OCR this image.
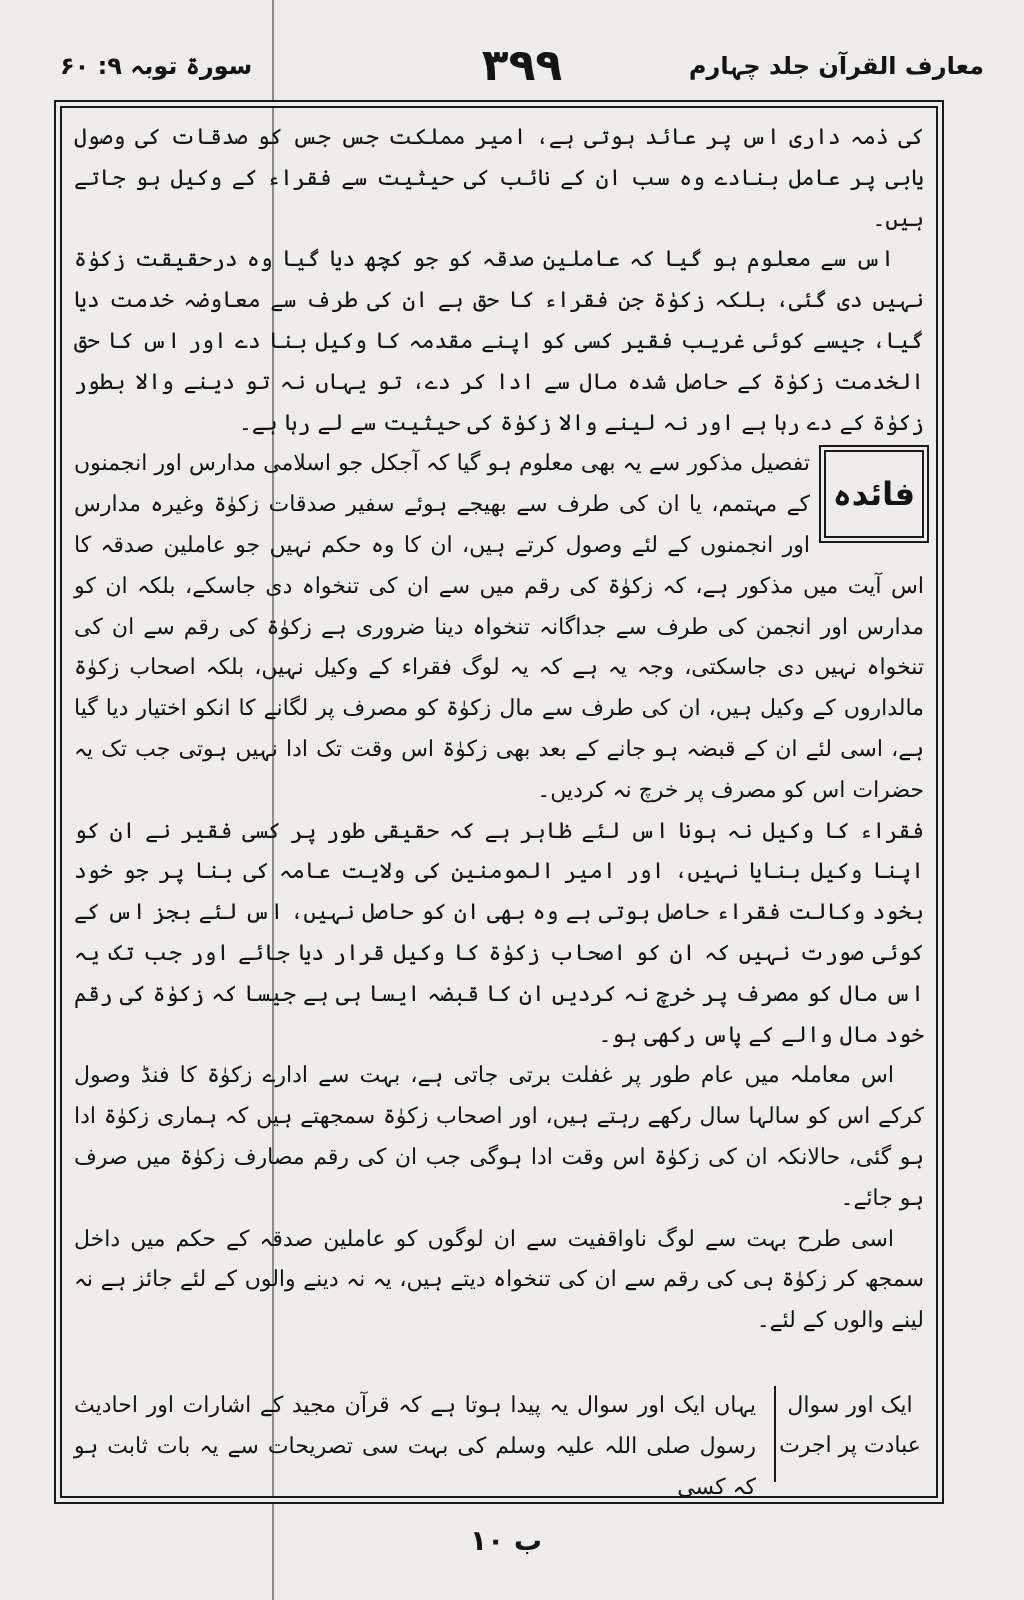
معارف القرآن جلد چہارم
۳۹۹
سورۃ توبہ ۹: ۶۰

کی ذمہ داری اس پر عائد ہوتی ہے، امیر مملکت جس جس کو صدقات کی وصول یابی پر عامل بنادے وہ سب ان کے نائب کی حیثیت سے فقراء کے وکیل ہو جاتے ہیں۔

اس سے معلوم ہو گیا کہ عاملین صدقہ کو جو کچھ دیا گیا وہ درحقیقت زکوٰۃ نہیں دی گئی، بلکہ زکوٰۃ جن فقراء کا حق ہے ان کی طرف سے معاوضہ خدمت دیا گیا، جیسے کوئی غریب فقیر کسی کو اپنے مقدمہ کا وکیل بنا دے اور اس کا حق الخدمت زکوٰۃ کے حاصل شدہ مال سے ادا کر دے، تو یہاں نہ تو دینے والا بطور زکوٰۃ کے دے رہا ہے اور نہ لینے والا زکوٰۃ کی حیثیت سے لے رہا ہے۔

فائدہ

تفصیل مذکور سے یہ بھی معلوم ہو گیا کہ آجکل جو اسلامی مدارس اور انجمنوں کے مہتمم، یا ان کی طرف سے بھیجے ہوئے سفیر صدقات زکوٰۃ وغیرہ مدارس اور انجمنوں کے لئے وصول کرتے ہیں، ان کا وہ حکم نہیں جو عاملین صدقہ کا اس آیت میں مذکور ہے، کہ زکوٰۃ کی رقم میں سے ان کی تنخواہ دی جاسکے، بلکہ ان کو مدارس اور انجمن کی طرف سے جداگانہ تنخواہ دینا ضروری ہے زکوٰۃ کی رقم سے ان کی تنخواہ نہیں دی جاسکتی، وجہ یہ ہے کہ یہ لوگ فقراء کے وکیل نہیں، بلکہ اصحاب زکوٰۃ مالداروں کے وکیل ہیں، ان کی طرف سے مال زکوٰۃ کو مصرف پر لگانے کا انکو اختیار دیا گیا ہے، اسی لئے ان کے قبضہ ہو جانے کے بعد بھی زکوٰۃ اس وقت تک ادا نہیں ہوتی جب تک یہ حضرات اس کو مصرف پر خرچ نہ کردیں۔

فقراء کا وکیل نہ ہونا اس لئے ظاہر ہے کہ حقیقی طور پر کسی فقیر نے ان کو اپنا وکیل بنایا نہیں، اور امیر المومنین کی ولایت عامہ کی بنا پر جو خود بخود وکالت فقراء حاصل ہوتی ہے وہ بھی ان کو حاصل نہیں، اس لئے بجز اس کے کوئی صورت نہیں کہ ان کو اصحاب زکوٰۃ کا وکیل قرار دیا جائے اور جب تک یہ اس مال کو مصرف پر خرچ نہ کردیں ان کا قبضہ ایسا ہی ہے جیسا کہ زکوٰۃ کی رقم خود مال والے کے پاس رکھی ہو۔

اس معاملہ میں عام طور پر غفلت برتی جاتی ہے، بہت سے ادارے زکوٰۃ کا فنڈ وصول کرکے اس کو سالہا سال رکھے رہتے ہیں، اور اصحاب زکوٰۃ سمجھتے ہیں کہ ہماری زکوٰۃ ادا ہو گئی، حالانکہ ان کی زکوٰۃ اس وقت ادا ہوگی جب ان کی رقم مصارف زکوٰۃ میں صرف ہو جائے۔

اسی طرح بہت سے لوگ ناواقفیت سے ان لوگوں کو عاملین صدقہ کے حکم میں داخل سمجھ کر زکوٰۃ ہی کی رقم سے ان کی تنخواہ دیتے ہیں، یہ نہ دینے والوں کے لئے جائز ہے نہ لینے والوں کے لئے۔

ایک اور سوال
عبادت پر اجرت
یہاں ایک اور سوال یہ پیدا ہوتا ہے کہ قرآن مجید کے اشارات اور احادیث رسول صلی اللہ علیہ وسلم کی بہت سی تصریحات سے یہ بات ثابت ہو کہ کسی
ب ۱۰
